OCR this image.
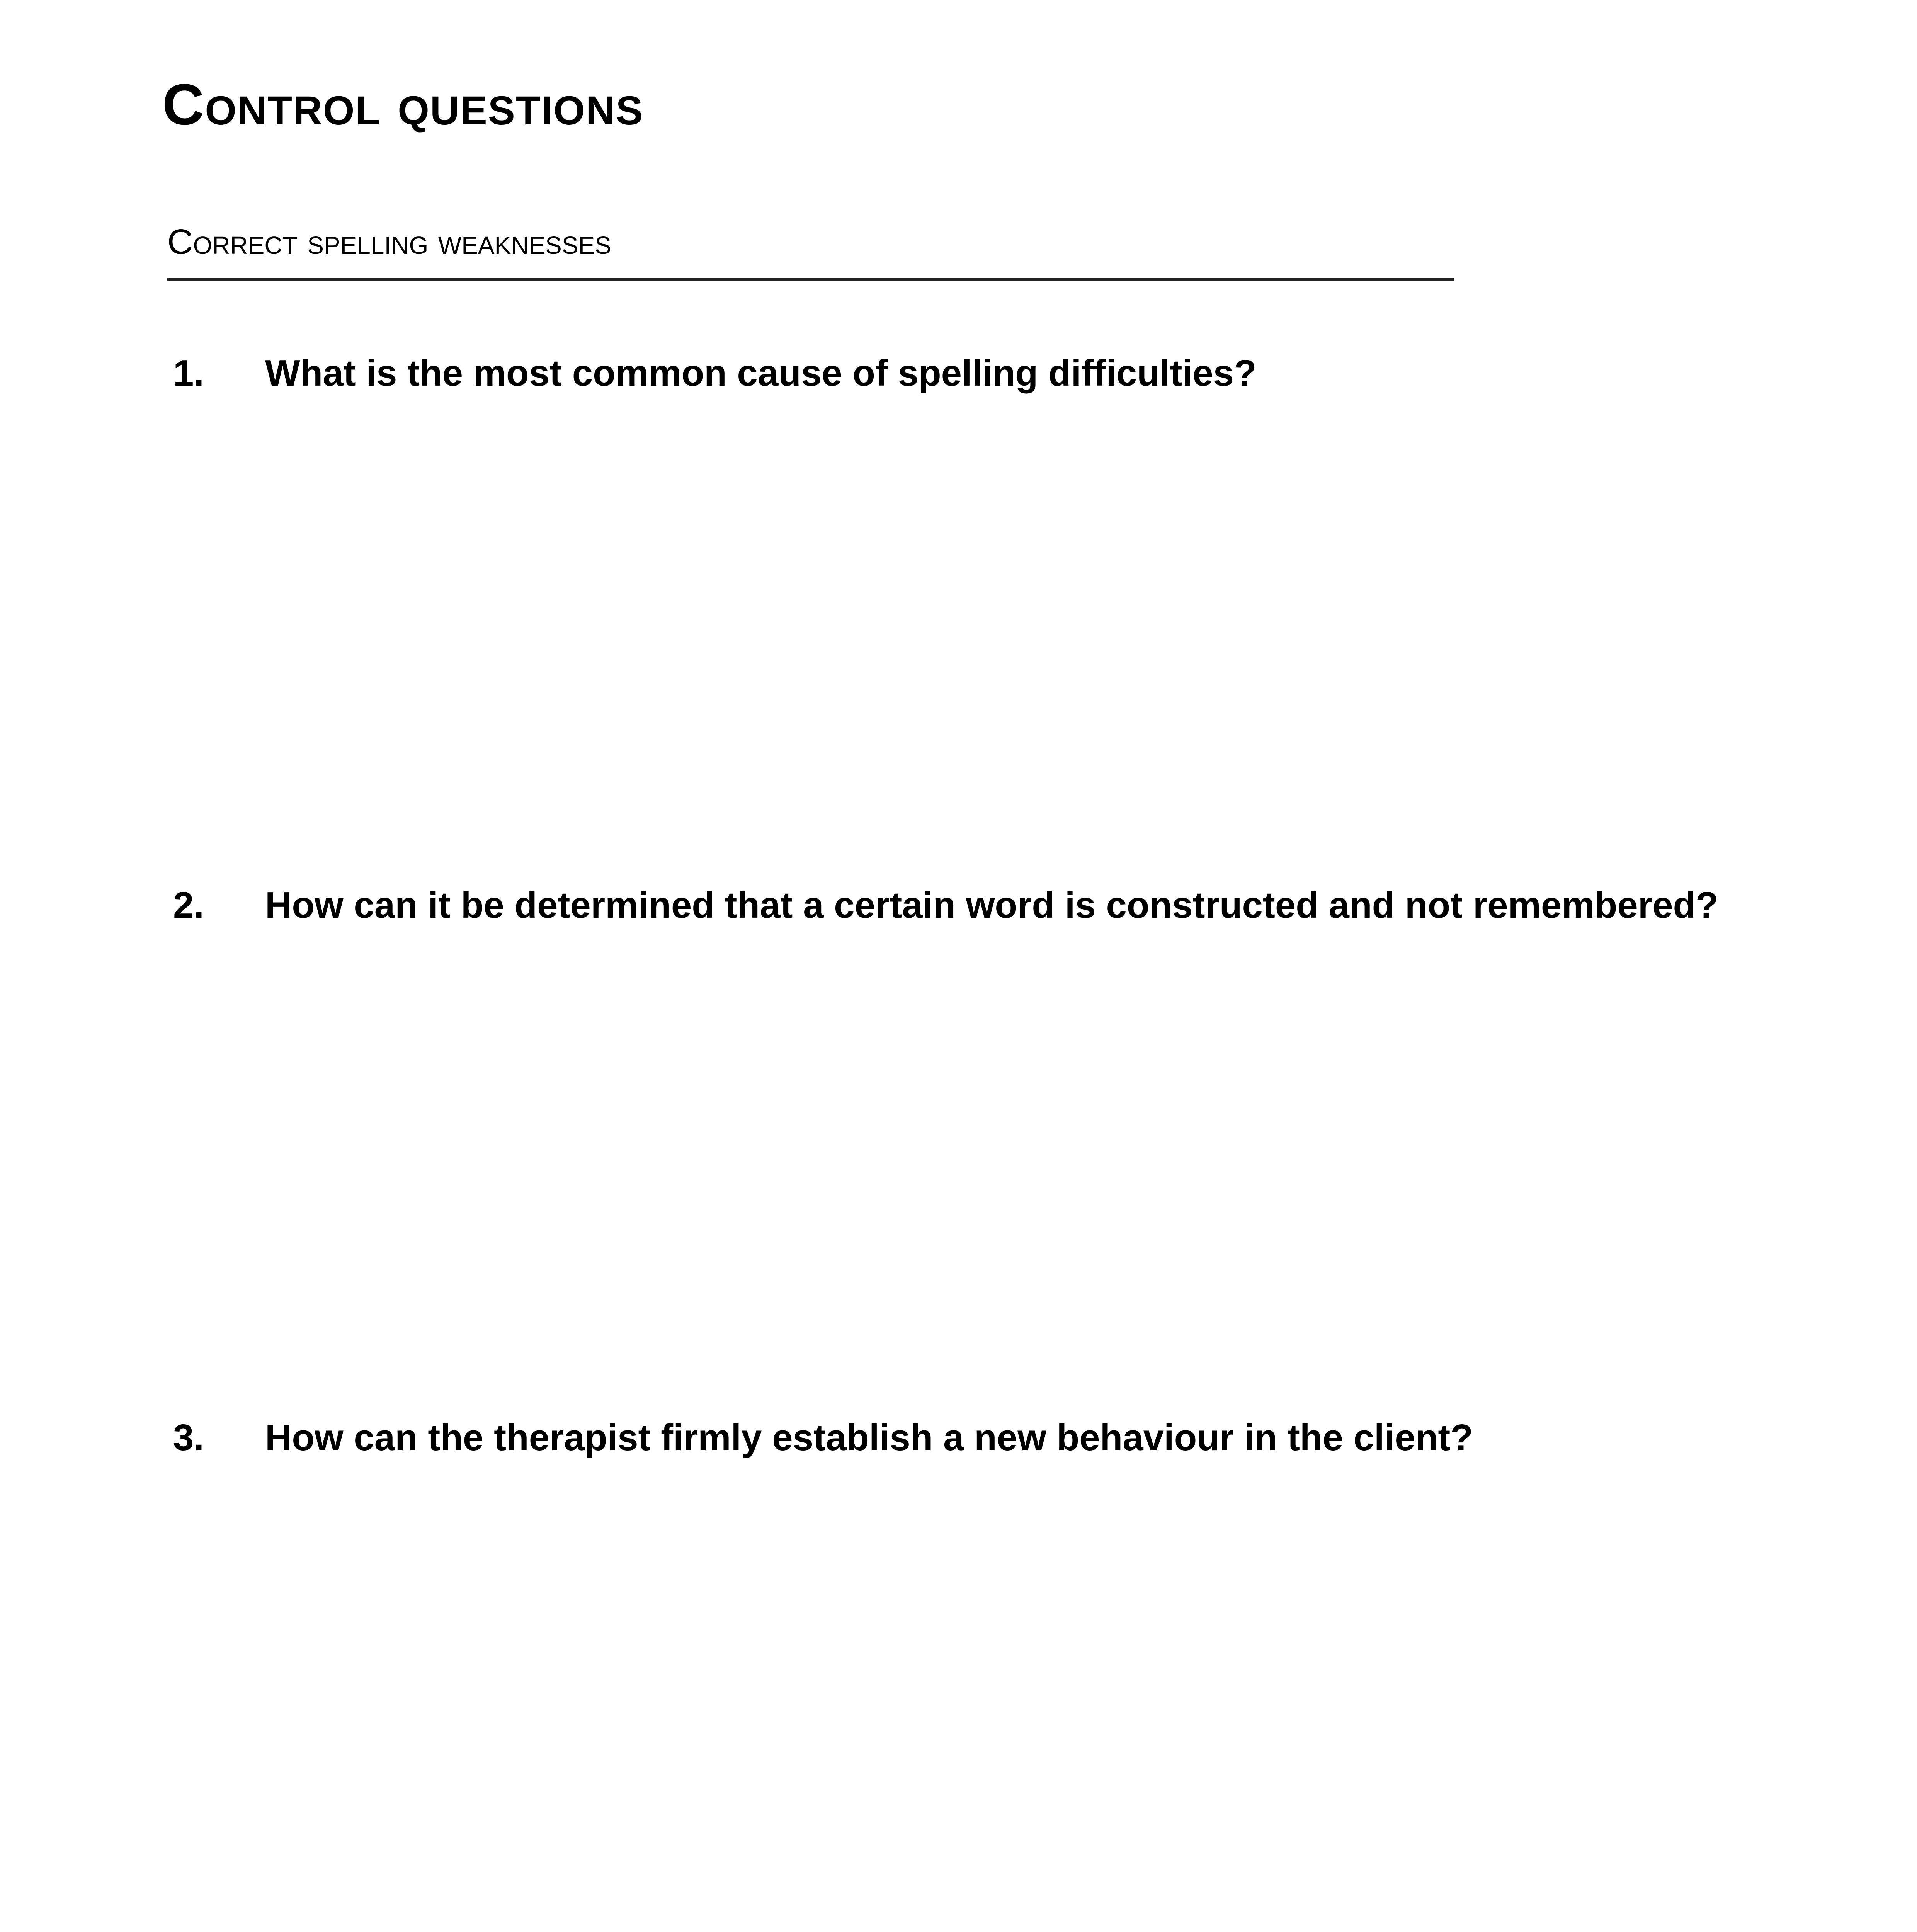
Control questions
Correct spelling weaknesses
1. What is the most common cause of spelling difficulties?
2. How can it be determined that a certain word is constructed and not remembered?
3. How can the therapist firmly establish a new behaviour in the client?
